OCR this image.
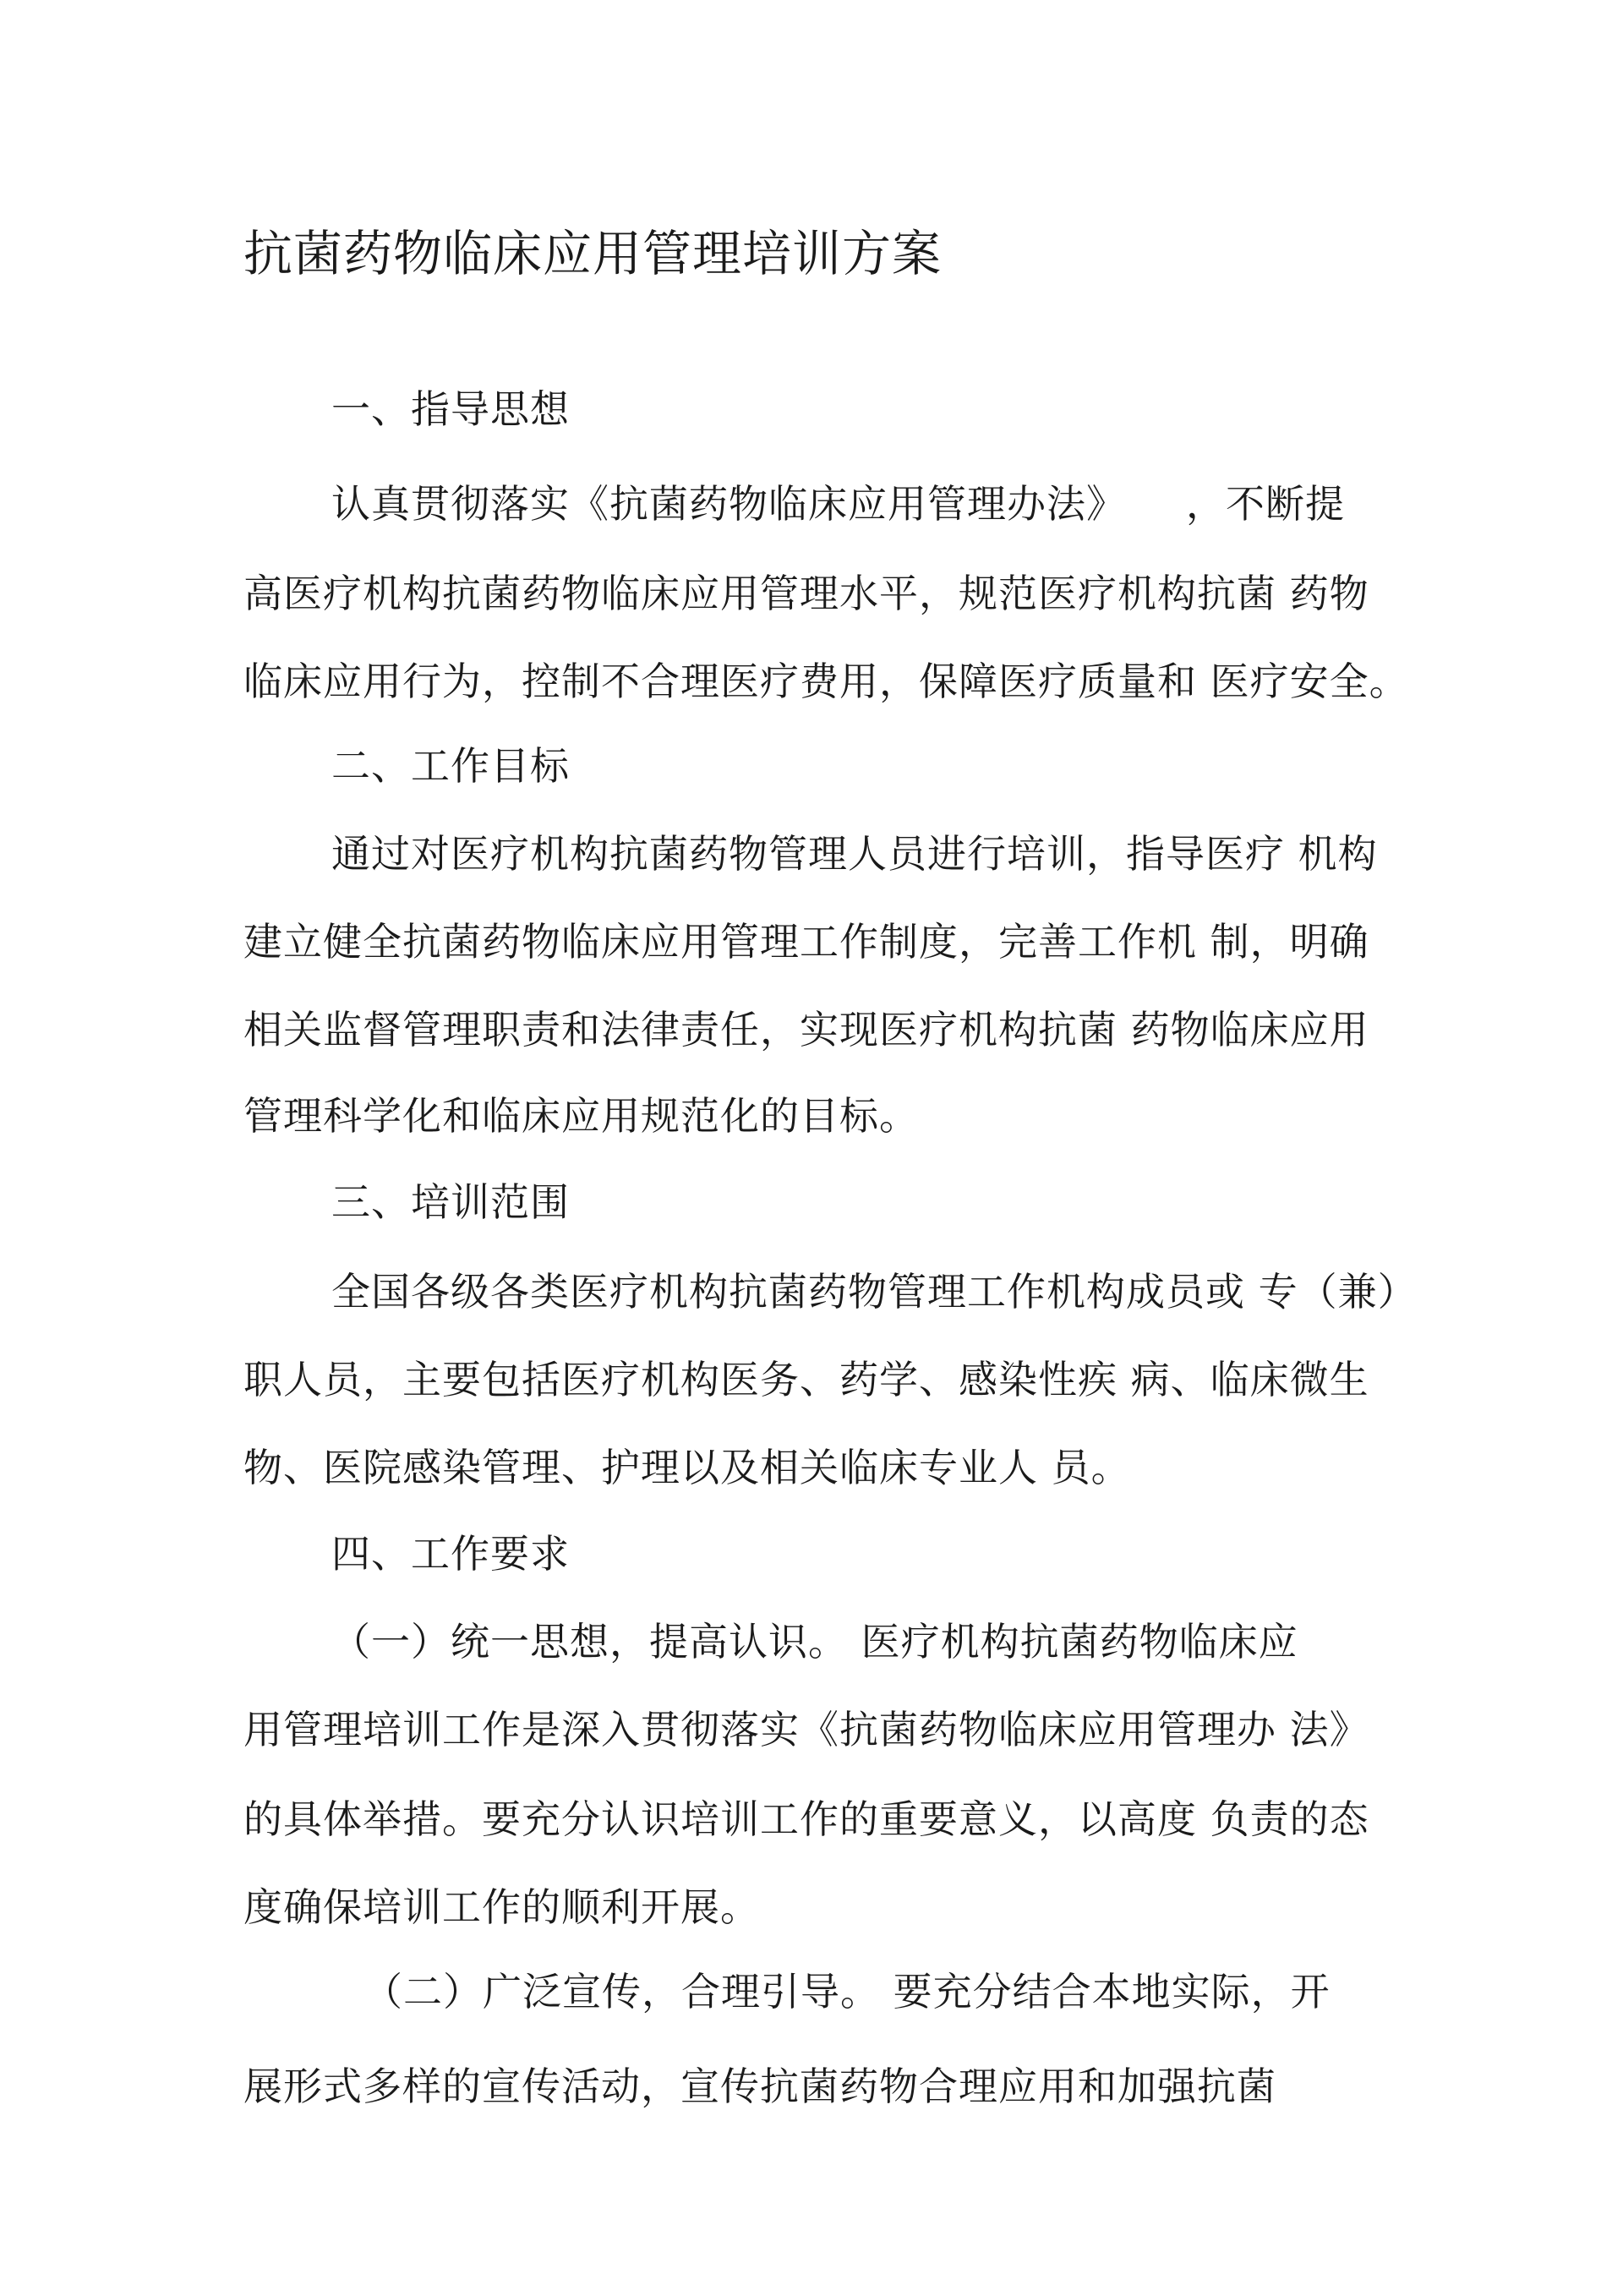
抗菌药物临床应用管理培训方案
一、指导思想
认真贯彻落实《抗菌药物临床应用管理办法》　　，不断提
高医疗机构抗菌药物临床应用管理水平，规范医疗机构抗菌 药物
临床应用行为，控制不合理医疗费用，保障医疗质量和 医疗安全。
二、工作目标
通过对医疗机构抗菌药物管理人员进行培训，指导医疗 机构
建立健全抗菌药物临床应用管理工作制度，完善工作机 制，明确
相关监督管理职责和法律责任，实现医疗机构抗菌 药物临床应用
管理科学化和临床应用规范化的目标。
三、培训范围
全国各级各类医疗机构抗菌药物管理工作机构成员或 专（兼）
职人员，主要包括医疗机构医务、药学、感染性疾 病、临床微生
物、医院感染管理、护理以及相关临床专业人 员。
四、工作要求
（一）统一思想，提高认识。 医疗机构抗菌药物临床应
用管理培训工作是深入贯彻落实《抗菌药物临床应用管理办 法》
的具体举措。要充分认识培训工作的重要意义，以高度 负责的态
度确保培训工作的顺利开展。
（二）广泛宣传，合理引导。 要充分结合本地实际，开
展形式多样的宣传活动，宣传抗菌药物合理应用和加强抗菌
